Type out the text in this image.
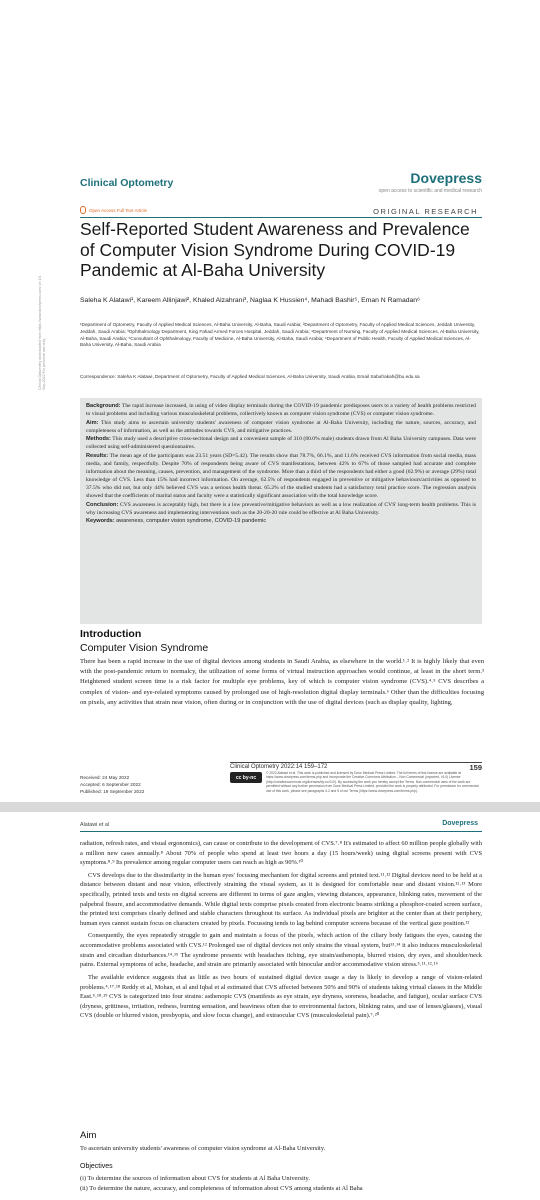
Clinical Optometry downloaded from https://www.dovepress.com/ on 19-Sep-2022 For personal use only.
Clinical Optometry	Dovepress
open access to scientific and medical research
Open Access Full Text Article	ORIGINAL RESEARCH
Self-Reported Student Awareness and Prevalence of Computer Vision Syndrome During COVID-19 Pandemic at Al-Baha University
Saleha K Alatawi¹, Kareem Allinjawi², Khaled Alzahrani³, Naglaa K Hussien⁴, Mahadi Bashir⁵, Eman N Ramadan⁶
¹Department of Optometry, Faculty of Applied Medical Sciences, Al-Baha University, Al-Baha, Saudi Arabia; ²Department of Optometry, Faculty of Applied Medical Sciences, Jeddah University, Jeddah, Saudi Arabia; ³Ophthalmology Department, King Fahad Armed Forces Hospital, Jeddah, Saudi Arabia; ⁴Department of Nursing, Faculty of Applied Medical Sciences, Al-Baha University, Al-Baha, Saudi Arabia; ⁵Consultant of Ophthalmology, Faculty of Medicine, Al-Baha University, Al-Baha, Saudi Arabia; ⁶Department of Public Health, Faculty of Applied Medical Sciences, Al-Baha University, Al-Baha, Saudi Arabia
Correspondence: Saleha K Alatawi, Department of Optometry, Faculty of Applied Medical Sciences, Al-Baha University, Saudi Arabia, Email Sabufrakah@bu.edu.sa

Background: The rapid increase increased, in using of video display terminals during the COVID-19 pandemic predisposes users to a variety of health problems restricted to visual problems and including various musculoskeletal problems, collectively known as computer vision syndrome (CVS) or computer vision syndrome.

Aim: This study aims to ascertain university students' awareness of computer vision syndrome at Al-Baha University, including the nature, sources, accuracy, and completeness of information, as well as the attitudes towards CVS, and mitigative practices.

Methods: This study used a descriptive cross-sectional design and a convenient sample of 310 (80.0% male) students drawn from Al Baha University campuses. Data were collected using self-administered questionnaires.

Results: The mean age of the participants was 23.51 years (SD=5.42). The results show that 78.7%, 66.1%, and 11.6% received CVS information from social media, mass media, and family, respectfully. Despite 70% of respondents being aware of CVS manifestations, between 42% to 67% of those sampled had accurate and complete information about the meaning, causes, prevention, and management of the syndrome. More than a third of the respondents had either a good (62.9%) or average (29%) total knowledge of CVS. Less than 15% had incorrect information. On average, 62.5% of respondents engaged in preventive or mitigative behaviours/activities as opposed to 37.5% who did not, but only 44% believed CVS was a serious health threat. 65.2% of the studied students had a satisfactory total practice score. The regression analysis showed that the coefficients of marital status and faculty were a statistically significant association with the total knowledge score.

Conclusion: CVS awareness is acceptably high, but there is a low preventive/mitigative behaviors as well as a low realization of CVS' long-term health problems. This is why increasing CVS awareness and implementing interventions such as the 20-20-20 rule could be effective at Al Baha University.

Keywords: awareness, computer vision syndrome, COVID-19 pandemic

Introduction
Computer Vision Syndrome

There has been a rapid increase in the use of digital devices among students in Saudi Arabia, as elsewhere in the world.¹˒² It is highly likely that even with the post-pandemic return to normalcy, the utilization of some forms of virtual instruction approaches would continue, at least in the short term.³ Heightened student screen time is a risk factor for multiple eye problems, key of which is computer vision syndrome (CVS).⁴˒⁵ CVS describes a complex of vision- and eye-related symptoms caused by prolonged use of high-resolution digital display terminals.⁶ Other than the difficulties focusing on pixels, any activities that strain near vision, often during or in conjunction with the use of digital devices (such as display quality, lighting,

Clinical Optometry 2022:14 159–172	159
Received: 24 May 2022
Accepted: 6 September 2022
Published: 19 September 2022
cc by-nc
© 2022 Alatawi et al. This work is published and licensed by Dove Medical Press Limited. The full terms of this license are available at https://www.dovepress.com/terms.php and incorporate the Creative Commons Attribution – Non Commercial (unported, v3.0) License (http://creativecommons.org/licenses/by-nc/3.0/). By accessing the work you hereby accept the Terms. Non-commercial uses of the work are permitted without any further permission from Dove Medical Press Limited, provided the work is properly attributed. For permission for commercial use of this work, please see paragraphs 4.2 and 5 of our Terms (https://www.dovepress.com/terms.php).
Alatawi et al	Dovepress

radiation, refresh rates, and visual ergonomics), can cause or contribute to the development of CVS.⁷˒⁸ It's estimated to affect 60 million people globally with a million new cases annually.⁸ About 70% of people who spend at least two hours a day (15 hours/week) using digital screens present with CVS symptoms.⁸˒⁹ Its prevalence among regular computer users can reach as high as 90%.¹⁰

CVS develops due to the dissimilarity in the human eyes' focusing mechanism for digital screens and printed text.¹¹˒¹² Digital devices need to be held at a distance between distant and near vision, effectively straining the visual system, as it is designed for comfortable near and distant vision.¹²˒¹³ More specifically, printed texts and texts on digital screens are different in terms of gaze angles, viewing distances, appearance, blinking rates, movement of the palpebral fissure, and accommodative demands. While digital texts comprise pixels created from electronic beams striking a phosphor-coated screen surface, the printed text comprises clearly defined and stable characters throughout its surface. As individual pixels are brighter at the center than at their periphery, human eyes cannot sustain focus on characters created by pixels. Focussing tends to lag behind computer screens because of the vertical gaze position.¹²

Consequently, the eyes repeatedly struggle to gain and maintain a focus of the pixels, which action of the ciliary body fatigues the eyes, causing the accommodative problems associated with CVS.¹² Prolonged use of digital devices not only strains the visual system, but¹³˒¹⁴ it also induces musculoskeletal strain and circadian disturbances.¹⁴˒¹⁵ The syndrome presents with headaches itching, eye strain/asthenopia, blurred vision, dry eyes, and shoulder/neck pains. External symptoms of ache, headache, and strain are primarily associated with binocular and/or accommodative vision stress.⁵˒¹¹˒¹²˒¹⁶

The available evidence suggests that as little as two hours of sustained digital device usage a day is likely to develop a range of vision-related problems.⁴˒¹⁷˒¹⁸ Reddy et al, Mohan, et al and Iqbal et al estimated that CVS affected between 50% and 90% of students taking virtual classes in the Middle East.⁵˒¹⁸˒¹⁹ CVS is categorized into four strains: asthenopic CVS (manifests as eye strain, eye dryness, soreness, headache, and fatigue), ocular surface CVS (dryness, grittiness, irritation, redness, burning sensation, and heaviness often due to environmental factors, blinking rates, and use of lenses/glasses), visual CVS (double or blurred vision, presbyopia, and slow focus change), and extraocular CVS (musculoskeletal pain).⁷˒²⁰

Aim

To ascertain university students' awareness of computer vision syndrome at Al-Baha University.

Objectives
(i) To determine the sources of information about CVS for students at Al Baha University.
(ii) To determine the nature, accuracy, and completeness of information about CVS among students at Al Baha
